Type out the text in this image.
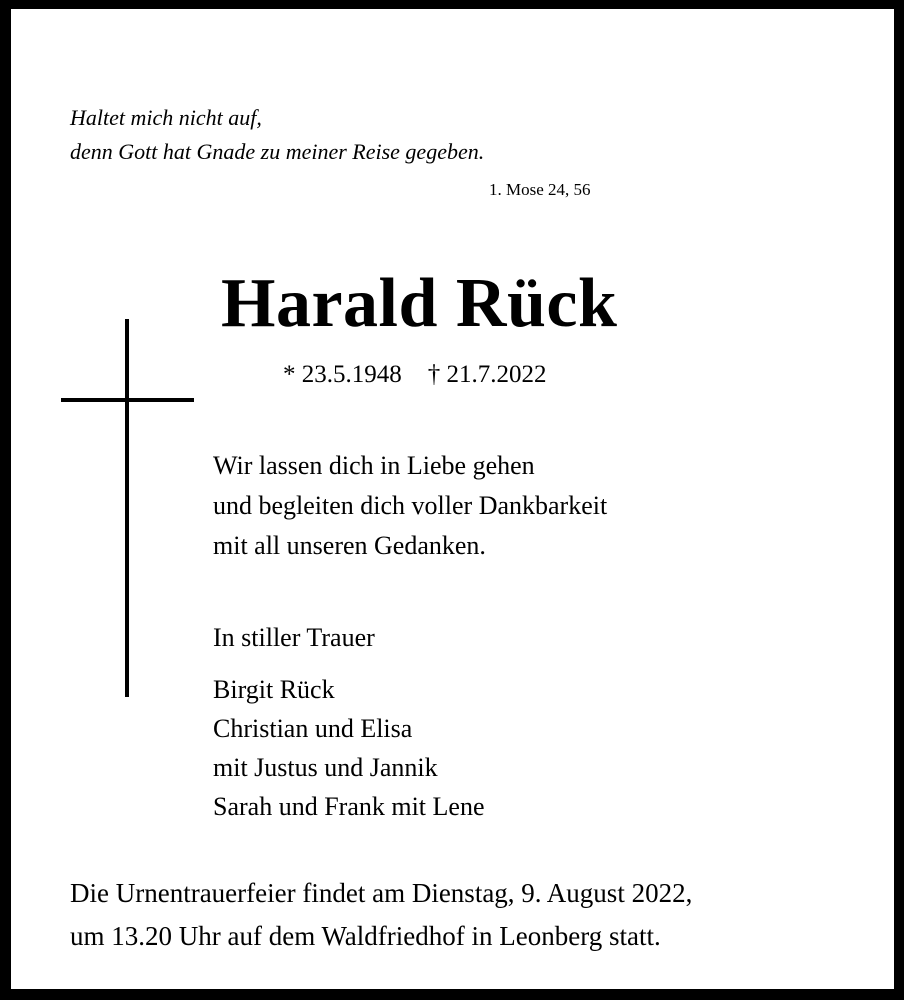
Haltet mich nicht auf,
denn Gott hat Gnade zu meiner Reise gegeben.
1. Mose 24, 56
Harald Rück
* 23.5.1948 † 21.7.2022
Wir lassen dich in Liebe gehen
und begleiten dich voller Dankbarkeit
mit all unseren Gedanken.
In stiller Trauer
Birgit Rück
Christian und Elisa
mit Justus und Jannik
Sarah und Frank mit Lene
Die Urnentrauerfeier findet am Dienstag, 9. August 2022,
um 13.20 Uhr auf dem Waldfriedhof in Leonberg statt.
